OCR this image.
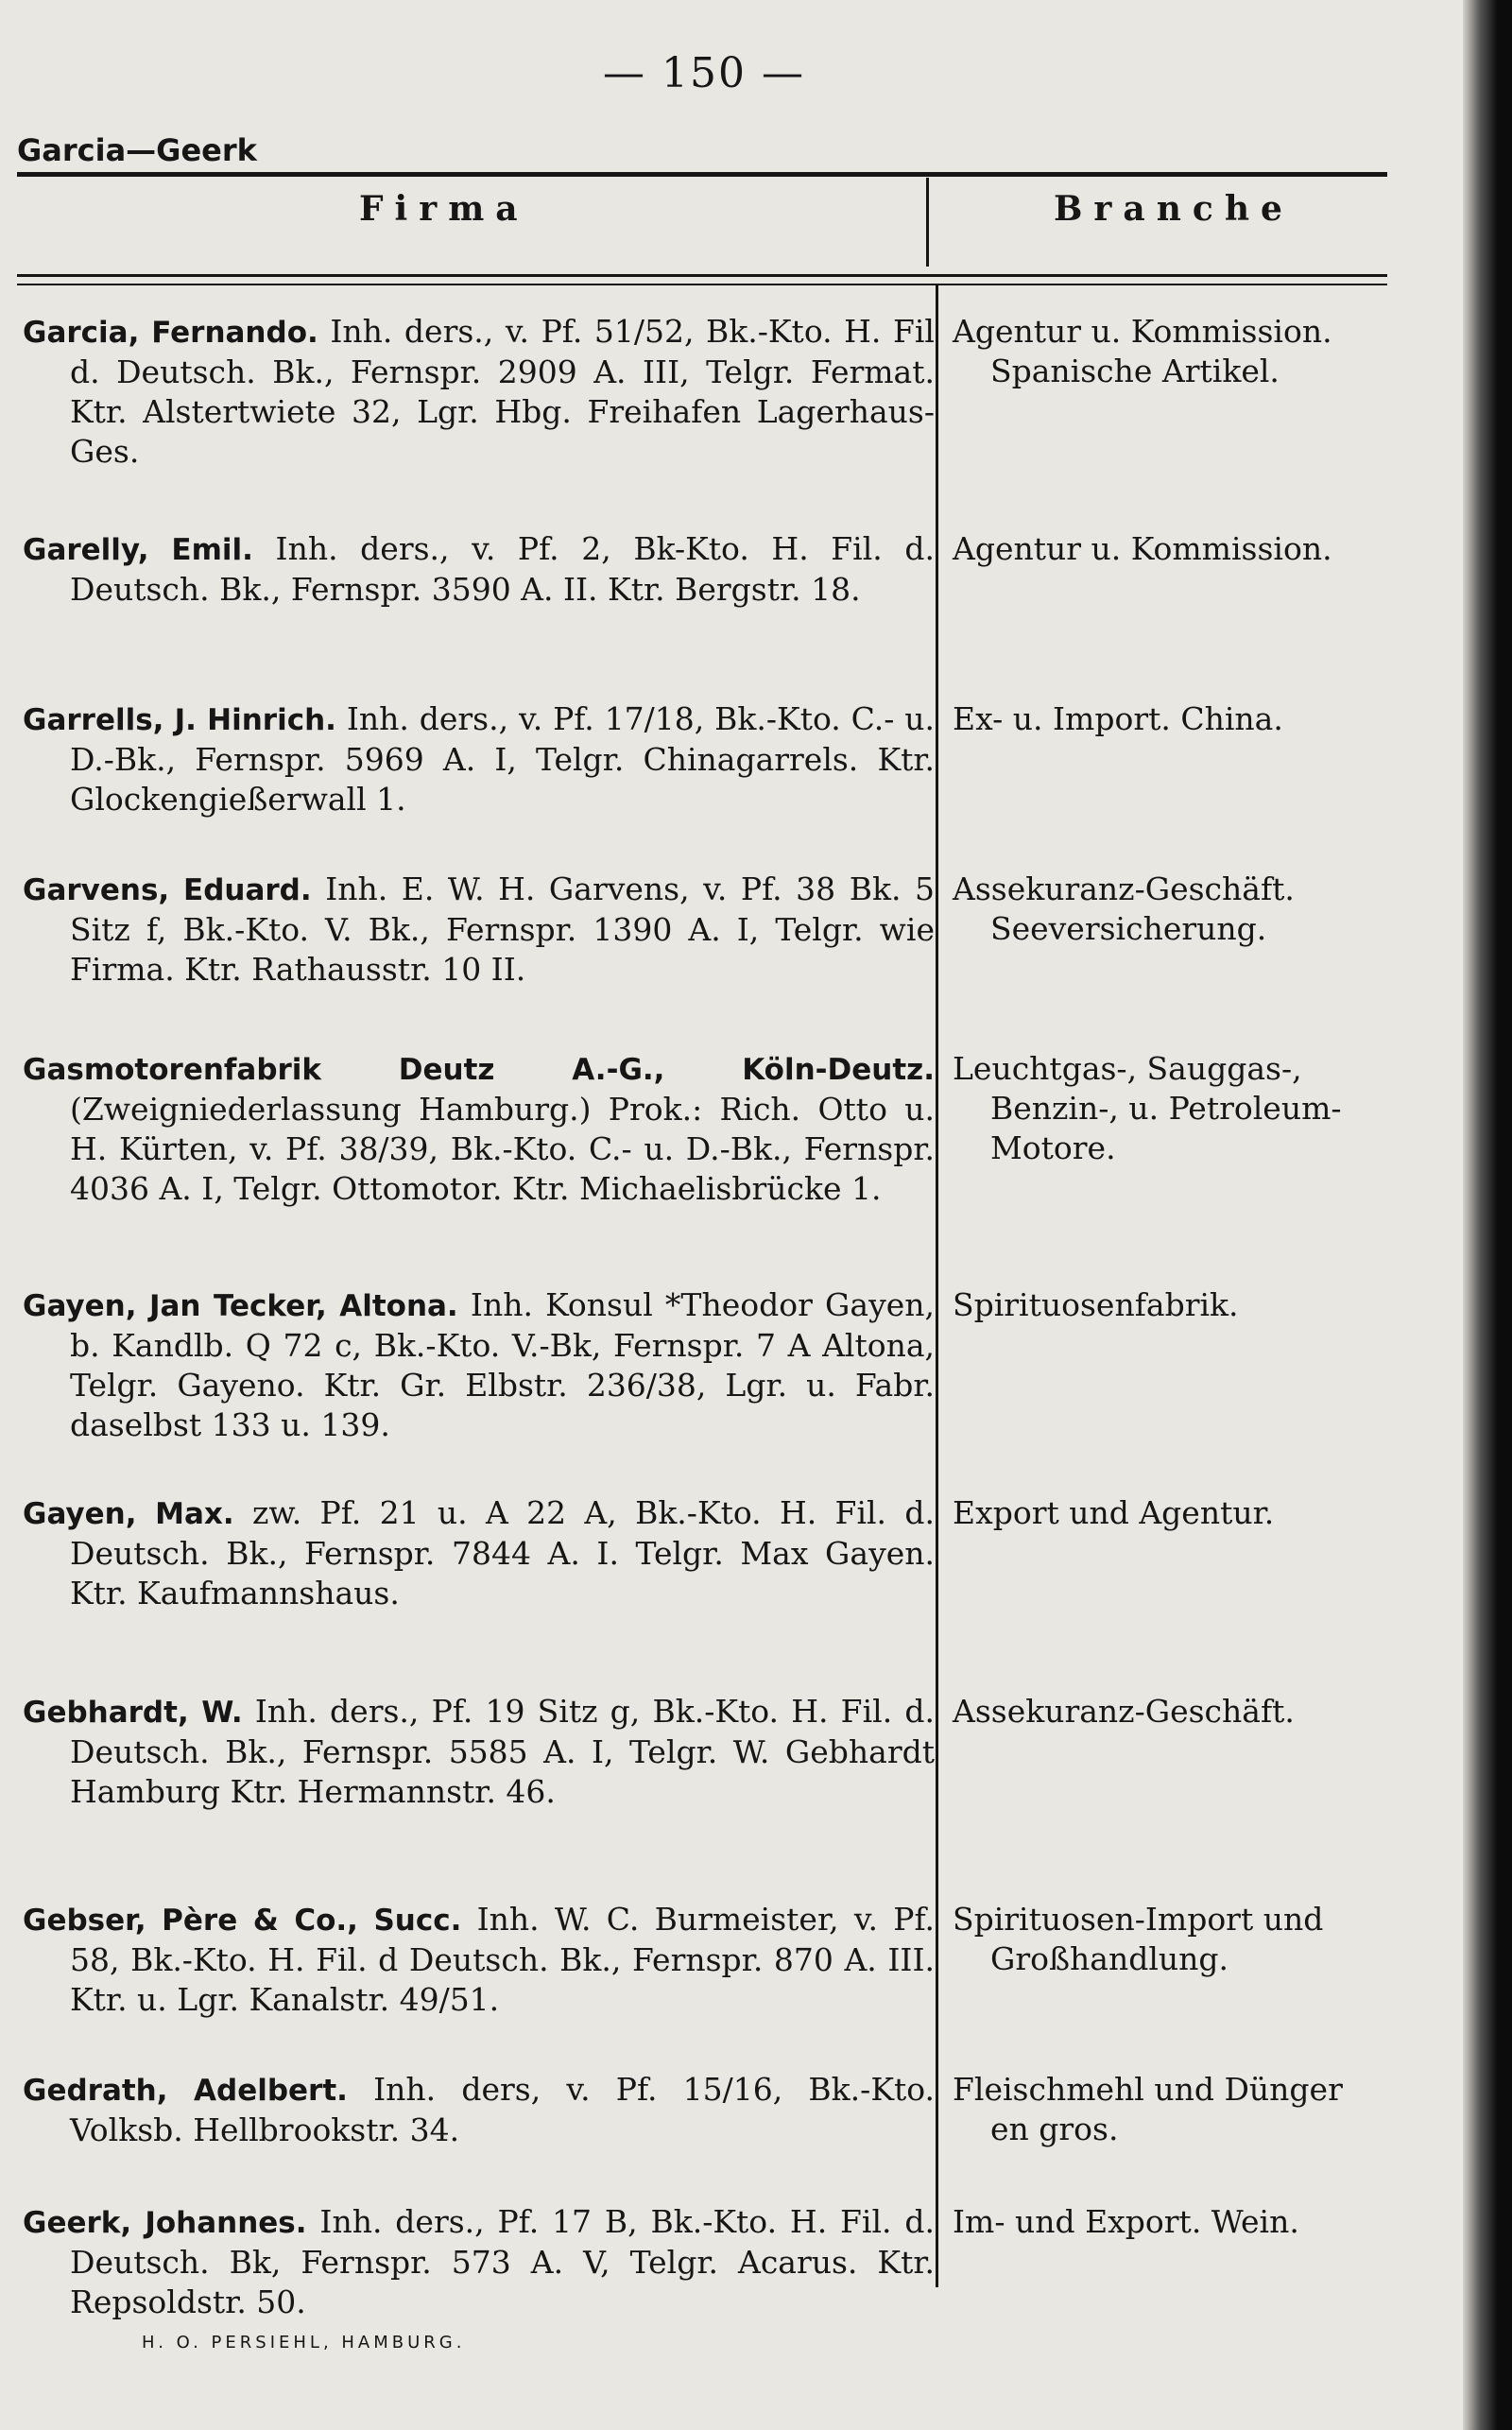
— 150 —
Garcia—Geerk
Firma	Branche
Garcia, Fernando. Inh. ders., v. Pf. 51/52, Bk.-Kto. H. Fil d. Deutsch. Bk., Fernspr. 2909 A. III, Telgr. Fermat. Ktr. Alstertwiete 32, Lgr. Hbg. Freihafen Lagerhaus-Ges.
Agentur u. Kommission.
Spanische Artikel.
Garelly, Emil. Inh. ders., v. Pf. 2, Bk-Kto. H. Fil. d. Deutsch. Bk., Fernspr. 3590 A. II. Ktr. Bergstr. 18.
Agentur u. Kommission.
Garrells, J. Hinrich. Inh. ders., v. Pf. 17/18, Bk.-Kto. C.- u. D.-Bk., Fernspr. 5969 A. I, Telgr. Chinagarrels. Ktr. Glockengießerwall 1.
Ex- u. Import. China.
Garvens, Eduard. Inh. E. W. H. Garvens, v. Pf. 38 Bk. 5 Sitz f, Bk.-Kto. V. Bk., Fernspr. 1390 A. I, Telgr. wie Firma. Ktr. Rathausstr. 10 II.
Assekuranz-Geschäft.
Seeversicherung.
Gasmotorenfabrik Deutz A.-G., Köln-Deutz. (Zweigniederlassung Hamburg.) Prok.: Rich. Otto u. H. Kürten, v. Pf. 38/39, Bk.-Kto. C.- u. D.-Bk., Fernspr. 4036 A. I, Telgr. Ottomotor. Ktr. Michaelisbrücke 1.
Leuchtgas-, Sauggas-,
Benzin-, u. Petroleum-
Motore.
Gayen, Jan Tecker, Altona. Inh. Konsul *Theodor Gayen, b. Kandlb. Q 72 c, Bk.-Kto. V.-Bk, Fernspr. 7 A Altona, Telgr. Gayeno. Ktr. Gr. Elbstr. 236/38, Lgr. u. Fabr. daselbst 133 u. 139.
Spirituosenfabrik.
Gayen, Max. zw. Pf. 21 u. A 22 A, Bk.-Kto. H. Fil. d. Deutsch. Bk., Fernspr. 7844 A. I. Telgr. Max Gayen. Ktr. Kaufmannshaus.
Export und Agentur.
Gebhardt, W. Inh. ders., Pf. 19 Sitz g, Bk.-Kto. H. Fil. d. Deutsch. Bk., Fernspr. 5585 A. I, Telgr. W. Gebhardt Hamburg Ktr. Hermannstr. 46.
Assekuranz-Geschäft.
Gebser, Père & Co., Succ. Inh. W. C. Burmeister, v. Pf. 58, Bk.-Kto. H. Fil. d Deutsch. Bk., Fernspr. 870 A. III. Ktr. u. Lgr. Kanalstr. 49/51.
Spirituosen-Import und
Großhandlung.
Gedrath, Adelbert. Inh. ders, v. Pf. 15/16, Bk.-Kto. Volksb. Hellbrookstr. 34.
Fleischmehl und Dünger
en gros.
Geerk, Johannes. Inh. ders., Pf. 17 B, Bk.-Kto. H. Fil. d. Deutsch. Bk, Fernspr. 573 A. V, Telgr. Acarus. Ktr. Repsoldstr. 50.
Im- und Export. Wein.
H. O. PERSIEHL, HAMBURG.
